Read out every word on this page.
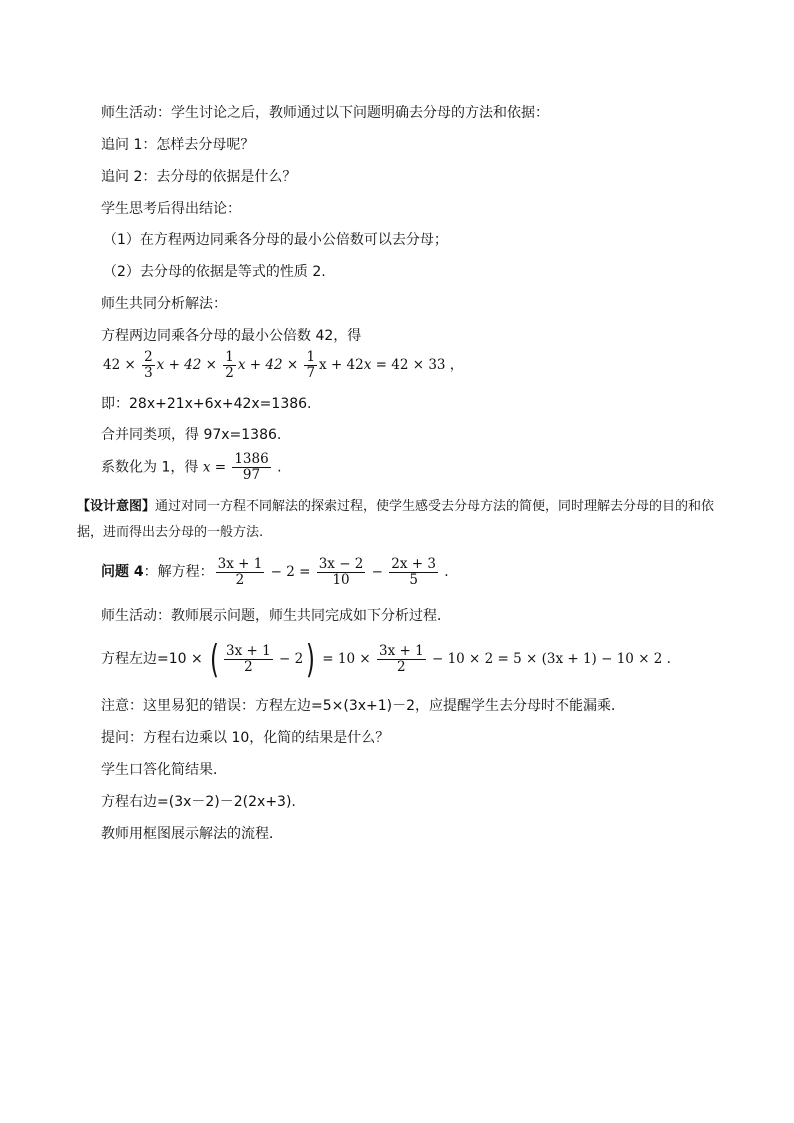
师生活动：学生讨论之后，教师通过以下问题明确去分母的方法和依据：
追问 1：怎样去分母呢？
追问 2：去分母的依据是什么？
学生思考后得出结论：
（1）在方程两边同乘各分母的最小公倍数可以去分母；
（2）去分母的依据是等式的性质 2.
师生共同分析解法：
方程两边同乘各分母的最小公倍数 42，得
$42 \times \frac{2}{3}$ $x + 42 \times \frac{1}{2}$ $x + 42 \times \frac{1}{7}$ x + 42x = 42 × 33 ，
即：28x+21x+6x+42x=1386.
合并同类项，得 97x=1386.
系数化为 1，得 $x = \frac{1386}{97}$ .
【设计意图】通过对同一方程不同解法的探索过程，使学生感受去分母方法的简便，同时理解去分母的目的和依据，进而得出去分母的一般方法.
问题 4：解方程： $\frac{3x + 1}{2} - 2 = \frac{3x - 2}{10} - \frac{2x + 3}{5}$ .
师生活动：教师展示问题，师生共同完成如下分析过程．
方程左边=10 × ( $\frac{3x + 1}{2} - 2) = 10 \times \frac{3x + 1}{2} - 10 \times 2 = 5 \times (3x + 1) - 10 \times 2$ .
注意：这里易犯的错误：方程左边=5×(3x+1)－2，应提醒学生去分母时不能漏乘．
提问：方程右边乘以 10，化简的结果是什么？
学生口答化简结果．
方程右边=(3x－2)－2(2x+3).
教师用框图展示解法的流程．
